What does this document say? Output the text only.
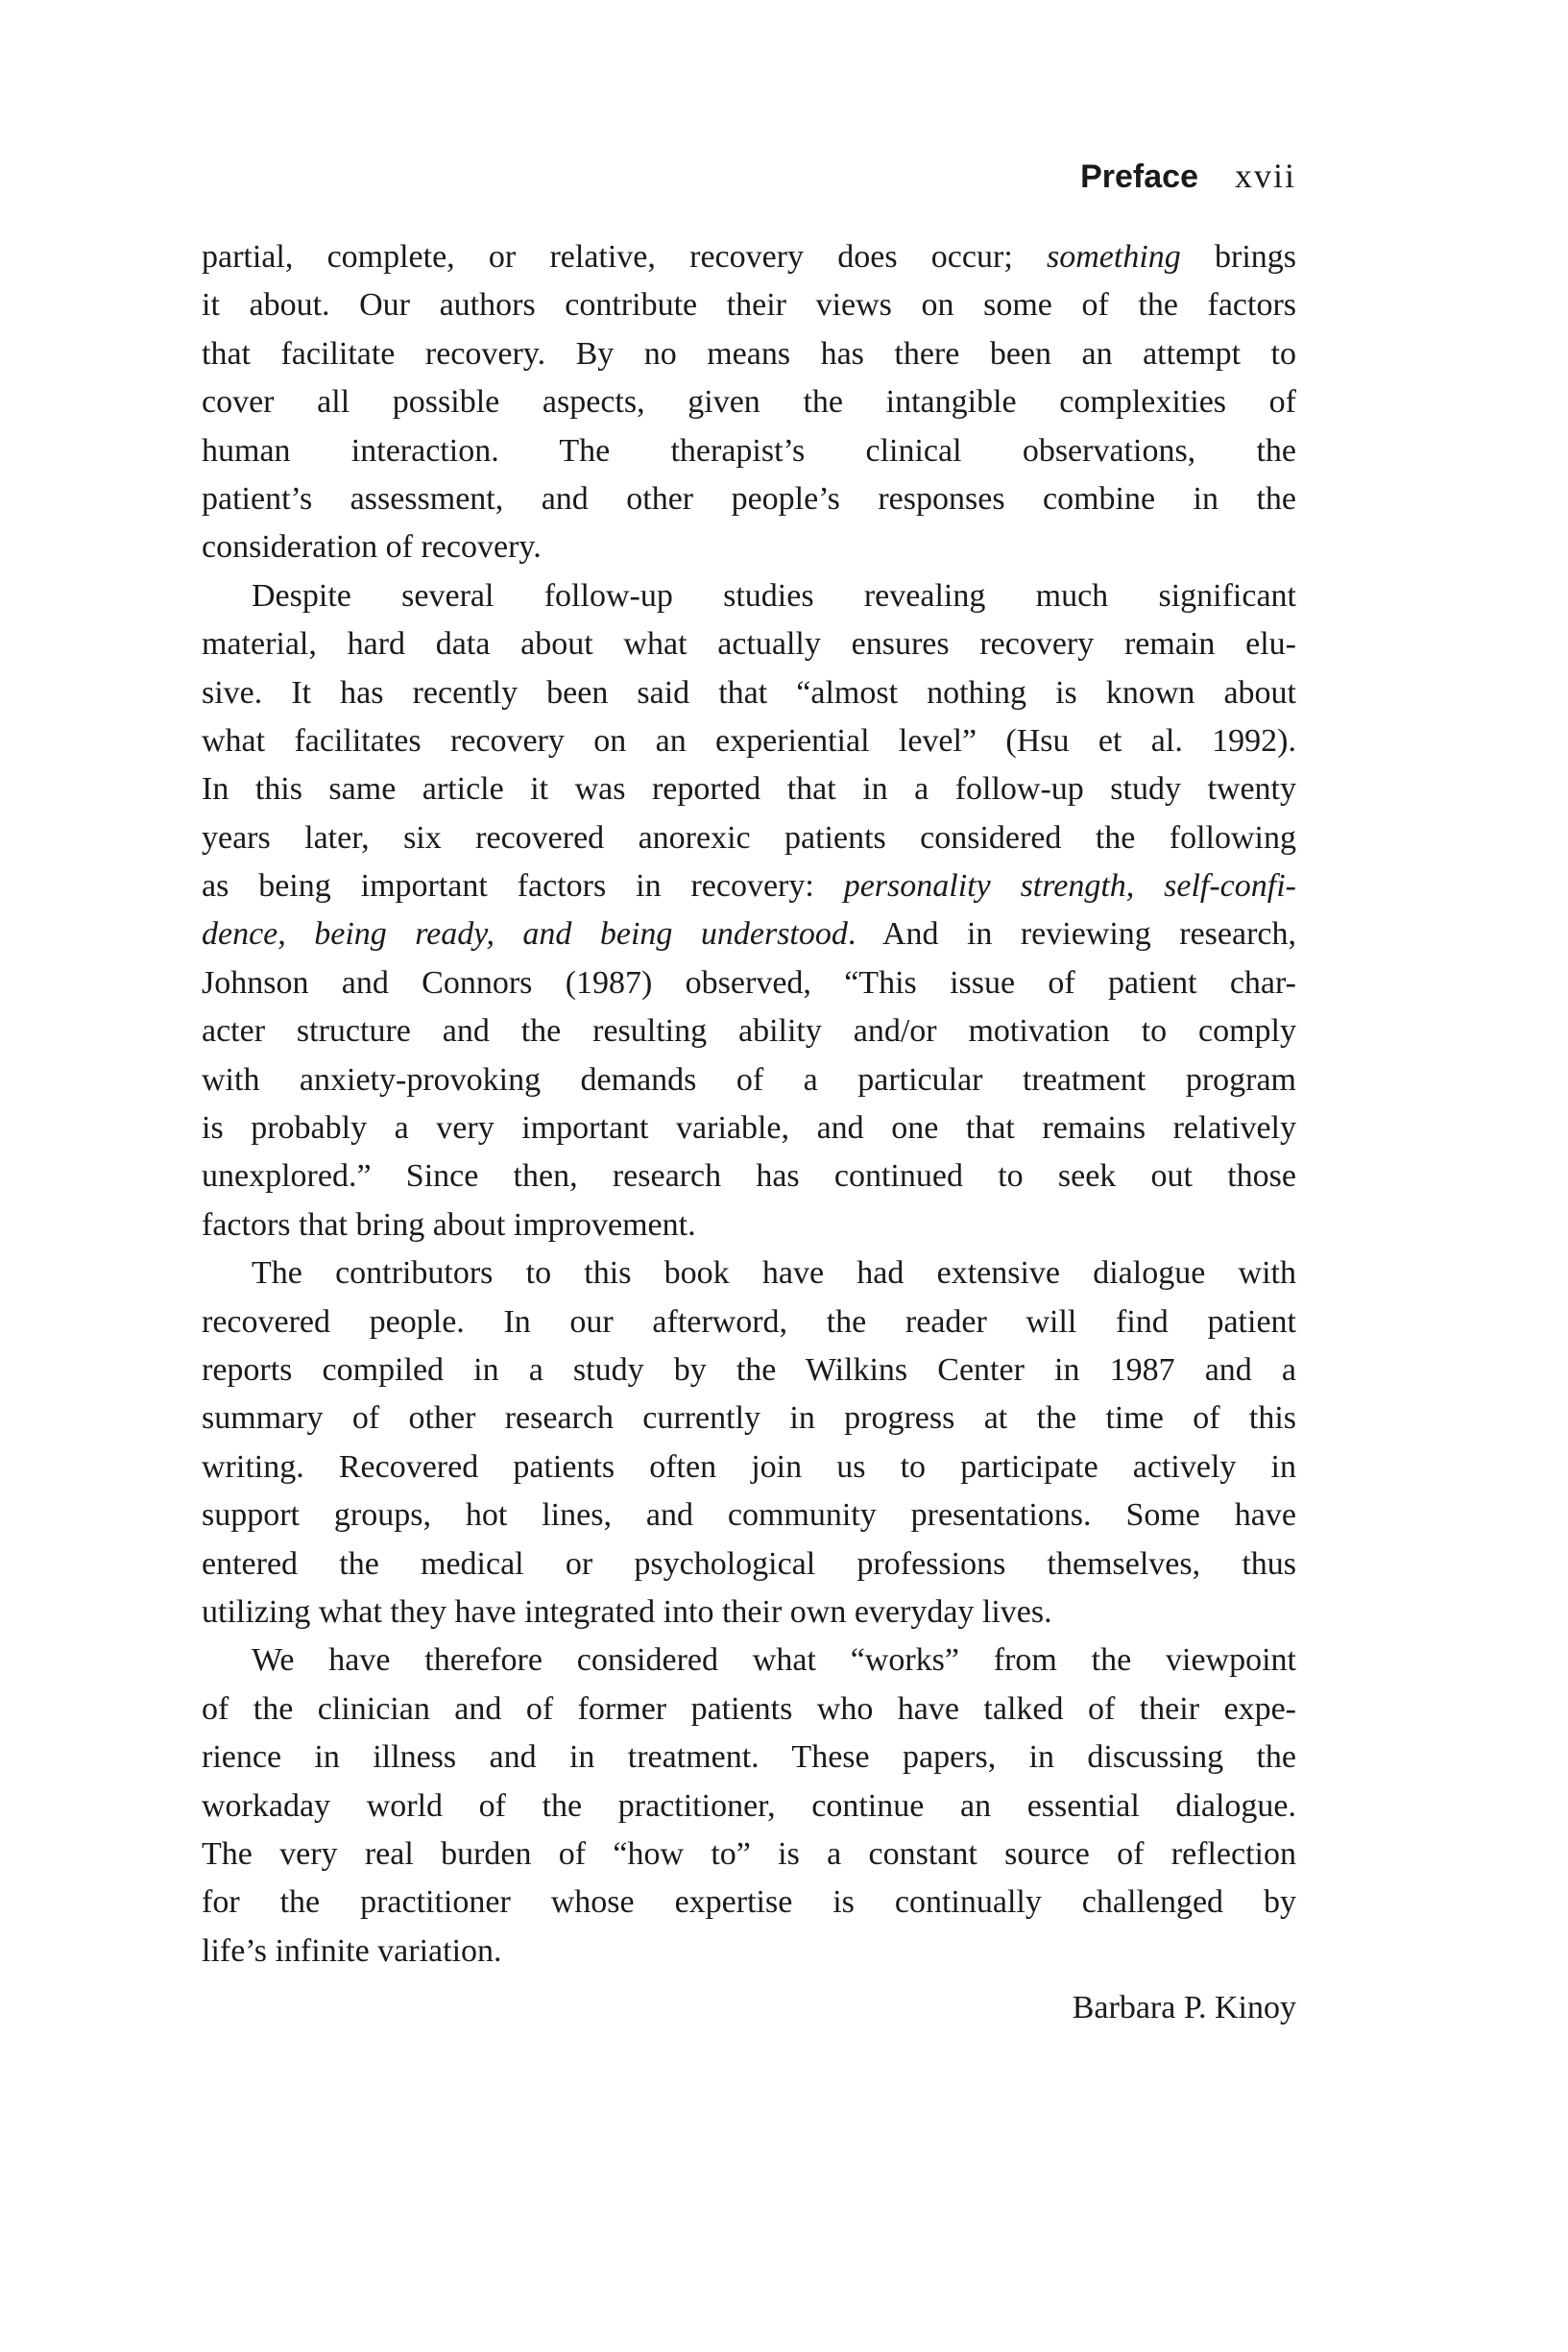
Preface xvii
partial, complete, or relative, recovery does occur; something brings
it about. Our authors contribute their views on some of the factors
that facilitate recovery. By no means has there been an attempt to
cover all possible aspects, given the intangible complexities of
human interaction. The therapist’s clinical observations, the
patient’s assessment, and other people’s responses combine in the
consideration of recovery.
Despite several follow-up studies revealing much significant
material, hard data about what actually ensures recovery remain elu-
sive. It has recently been said that “almost nothing is known about
what facilitates recovery on an experiential level” (Hsu et al. 1992).
In this same article it was reported that in a follow-up study twenty
years later, six recovered anorexic patients considered the following
as being important factors in recovery: personality strength, self-confi-
dence, being ready, and being understood. And in reviewing research,
Johnson and Connors (1987) observed, “This issue of patient char-
acter structure and the resulting ability and/or motivation to comply
with anxiety-provoking demands of a particular treatment program
is probably a very important variable, and one that remains relatively
unexplored.” Since then, research has continued to seek out those
factors that bring about improvement.
The contributors to this book have had extensive dialogue with
recovered people. In our afterword, the reader will find patient
reports compiled in a study by the Wilkins Center in 1987 and a
summary of other research currently in progress at the time of this
writing. Recovered patients often join us to participate actively in
support groups, hot lines, and community presentations. Some have
entered the medical or psychological professions themselves, thus
utilizing what they have integrated into their own everyday lives.
We have therefore considered what “works” from the viewpoint
of the clinician and of former patients who have talked of their expe-
rience in illness and in treatment. These papers, in discussing the
workaday world of the practitioner, continue an essential dialogue.
The very real burden of “how to” is a constant source of reflection
for the practitioner whose expertise is continually challenged by
life’s infinite variation.
Barbara P. Kinoy
